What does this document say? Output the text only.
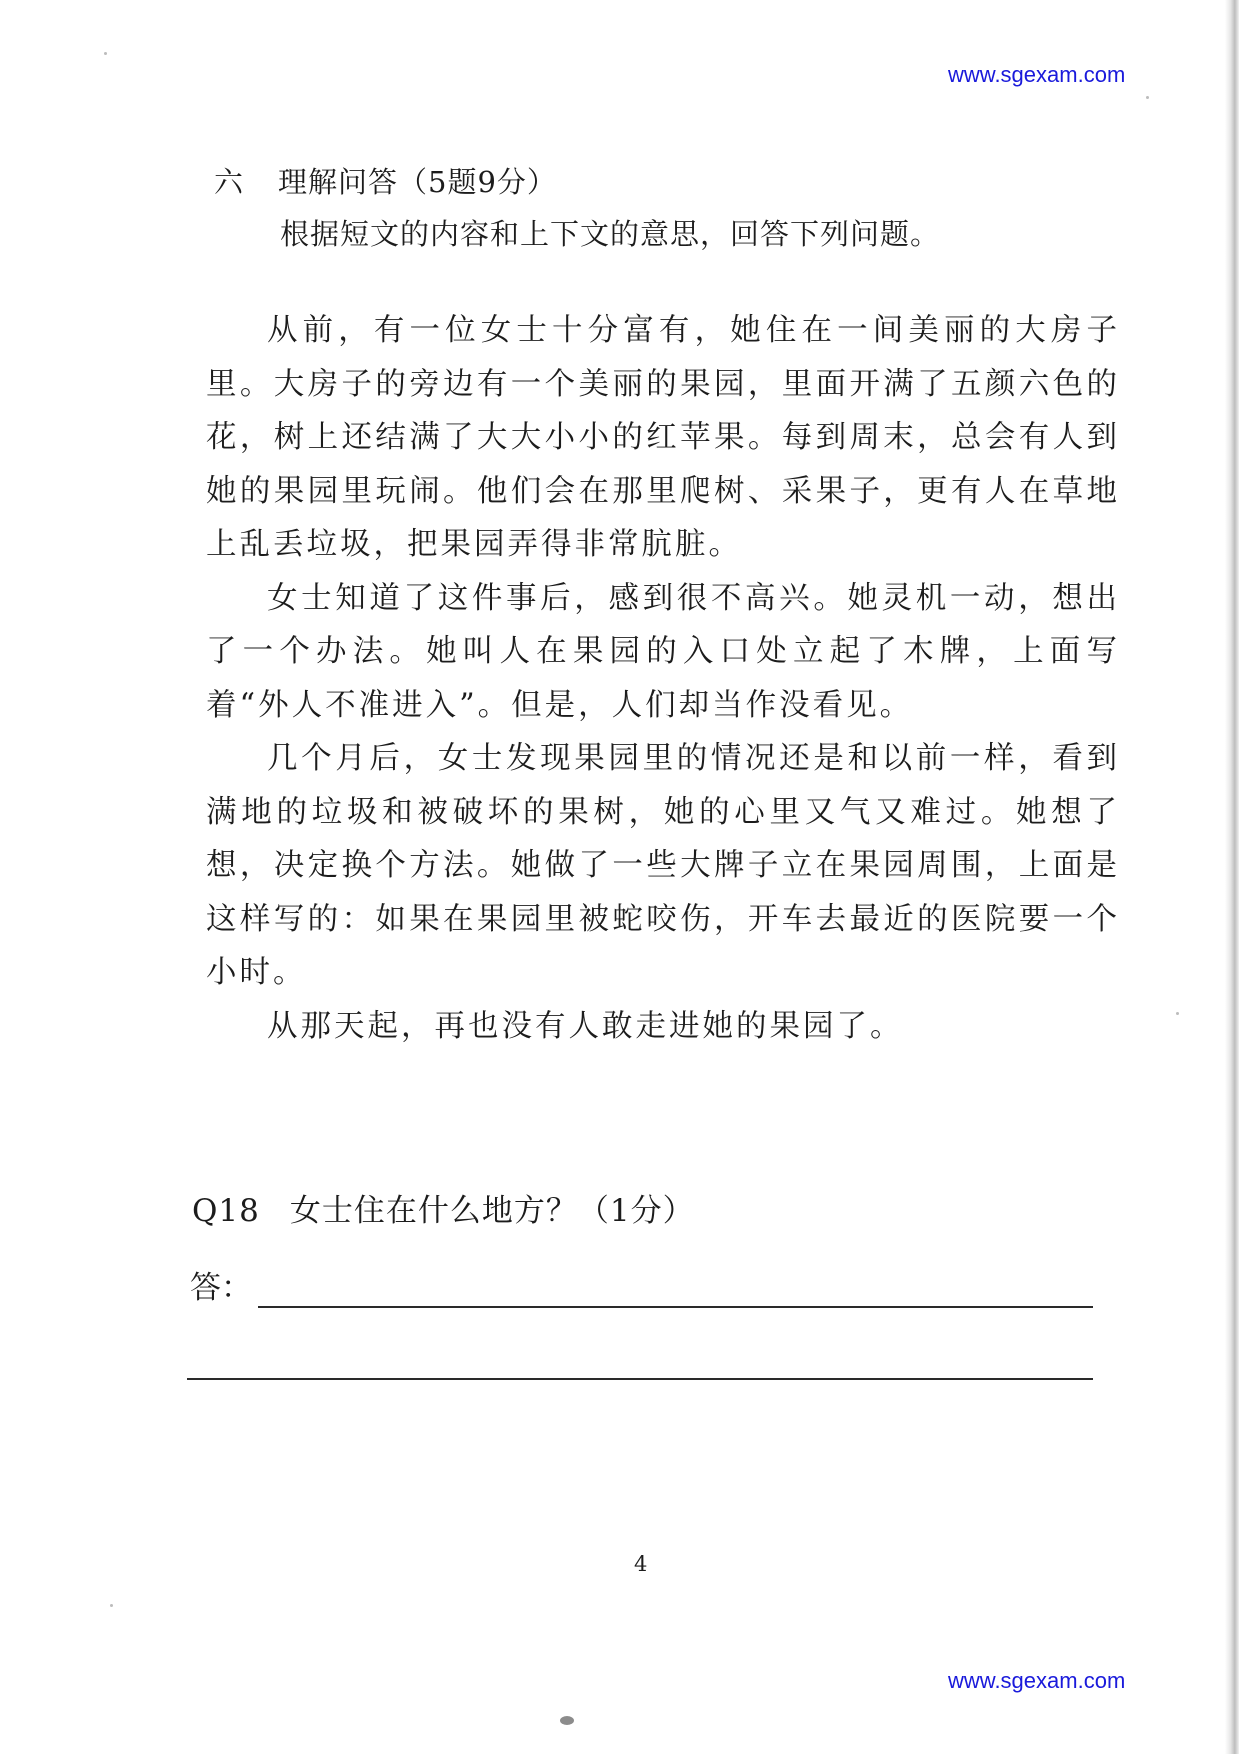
www.sgexam.com
六 理解问答（5题9分）
根据短文的内容和上下文的意思，回答下列问题。

从前，有一位女士十分富有，她住在一间美丽的大房子里。大房子的旁边有一个美丽的果园，里面开满了五颜六色的花，树上还结满了大大小小的红苹果。每到周末，总会有人到她的果园里玩闹。他们会在那里爬树、采果子，更有人在草地上乱丢垃圾，把果园弄得非常肮脏。

女士知道了这件事后，感到很不高兴。她灵机一动，想出了一个办法。她叫人在果园的入口处立起了木牌，上面写着“外人不准进入”。但是，人们却当作没看见。

几个月后，女士发现果园里的情况还是和以前一样，看到满地的垃圾和被破坏的果树，她的心里又气又难过。她想了想，决定换个方法。她做了一些大牌子立在果园周围，上面是这样写的：如果在果园里被蛇咬伤，开车去最近的医院要一个小时。

从那天起，再也没有人敢走进她的果园了。

Q18 女士住在什么地方？（1分）
答：
4
www.sgexam.com
